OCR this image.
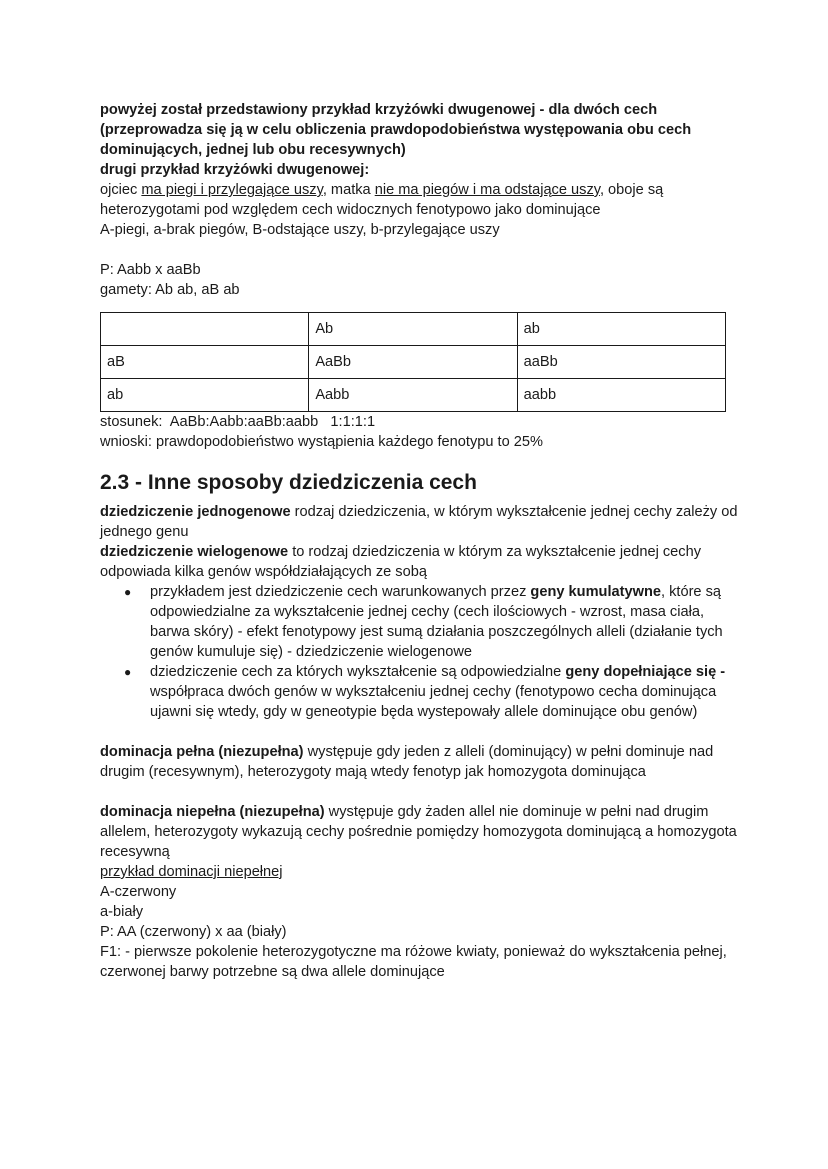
powyżej został przedstawiony przykład krzyżówki dwugenowej - dla dwóch cech (przeprowadza się ją w celu obliczenia prawdopodobieństwa występowania obu cech dominujących, jednej lub obu recesywnych)

drugi przykład krzyżówki dwugenowej:

ojciec ma piegi i przylegające uszy, matka nie ma piegów i ma odstające uszy, oboje są heterozygotami pod względem cech widocznych fenotypowo jako dominujące

A-piegi, a-brak piegów, B-odstające uszy, b-przylegające uszy

P: Aabb x aaBb

gamety: Ab ab, aB ab

	Ab	ab
aB	AaBb	aaBb
ab	Aabb	aabb

stosunek:  AaBb:Aabb:aaBb:aabb   1:1:1:1

wnioski: prawdopodobieństwo wystąpienia każdego fenotypu to 25%

2.3 - Inne sposoby dziedziczenia cech

dziedziczenie jednogenowe rodzaj dziedziczenia, w którym wykształcenie jednej cechy zależy od jednego genu

dziedziczenie wielogenowe to rodzaj dziedziczenia w którym za wykształcenie jednej cechy odpowiada kilka genów współdziałających ze sobą

● przykładem jest dziedziczenie cech warunkowanych przez geny kumulatywne, które są odpowiedzialne za wykształcenie jednej cechy (cech ilościowych - wzrost, masa ciała, barwa skóry) - efekt fenotypowy jest sumą działania poszczególnych alleli (działanie tych genów kumuluje się) - dziedziczenie wielogenowe
● dziedziczenie cech za których wykształcenie są odpowiedzialne geny dopełniające się - współpraca dwóch genów w wykształceniu jednej cechy (fenotypowo cecha dominująca ujawni się wtedy, gdy w geneotypie będa wystepowały allele dominujące obu genów)

dominacja pełna (niezupełna) występuje gdy jeden z alleli (dominujący) w pełni dominuje nad drugim (recesywnym), heterozygoty mają wtedy fenotyp jak homozygota dominująca

dominacja niepełna (niezupełna) występuje gdy żaden allel nie dominuje w pełni nad drugim allelem, heterozygoty wykazują cechy pośrednie pomiędzy homozygota dominującą a homozygota recesywną

przykład dominacji niepełnej

A-czerwony

a-biały

P: AA (czerwony) x aa (biały)

F1: - pierwsze pokolenie heterozygotyczne ma różowe kwiaty, ponieważ do wykształcenia pełnej, czerwonej barwy potrzebne są dwa allele dominujące
